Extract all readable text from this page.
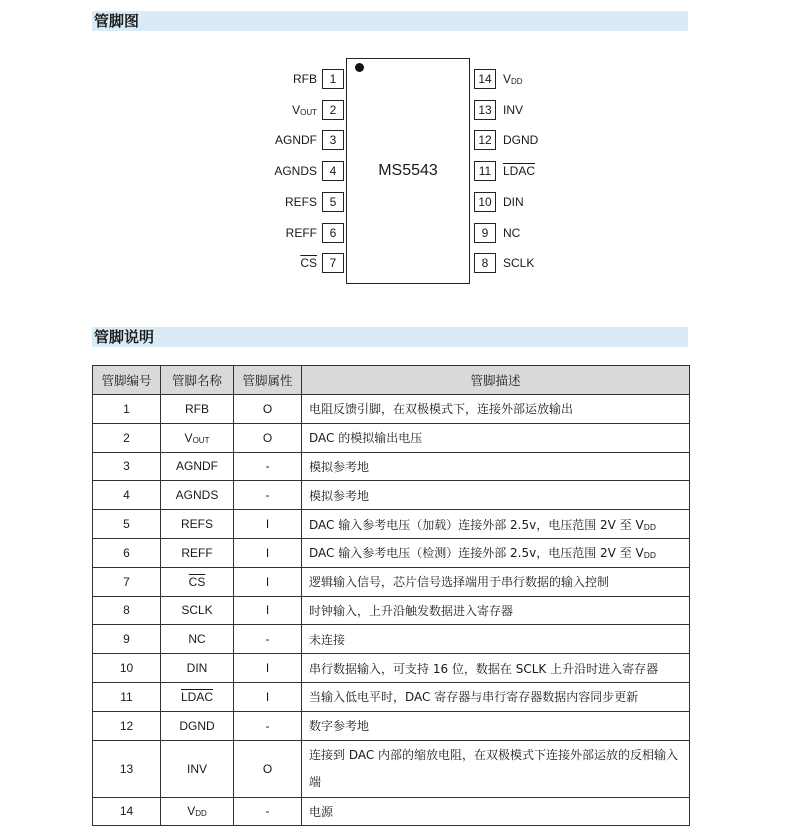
管脚图
MS5543
1
RFB
2
$V_{OUT}$
3
AGNDF
4
AGNDS
5
REFS
6
REFF
7
$\overline{CS}$
14 $V_{DD}$
13 INV
12 DGND
11 LDAC
10 DIN
9	NC
8	SCLK
管脚说明
管脚编号	管脚名称	管脚属性	管脚描述
1	RFB	O	电阻反馈引脚，在双极模式下，连接外部运放输出
2	$V_{OUT}$	O	DAC 的模拟输出电压
3	AGNDF	-	模拟参考地
4	AGNDS	-	模拟参考地
5	REFS	I	DAC 输入参考电压（加载）连接外部 2.5v，电压范围 2V 至 $V_{DD}$
6	REFF	I	DAC 输入参考电压（检测）连接外部 2.5v，电压范围 2V 至 $V_{DD}$
7	$\overline{CS}$	I	逻辑输入信号，芯片信号选择端用于串行数据的输入控制
8	SCLK	I	时钟输入，上升沿触发数据进入寄存器
9	NC	-	未连接
10	DIN	I	串行数据输入，可支持 16 位，数据在 SCLK 上升沿时进入寄存器
11	LDAC	I	当输入低电平时，DAC 寄存器与串行寄存器数据内容同步更新
12	DGND	-	数字参考地
13	INV	O	连接到 DAC 内部的缩放电阻，在双极模式下连接外部运放的反相输入端
14	$V_{DD}$	-	电源
